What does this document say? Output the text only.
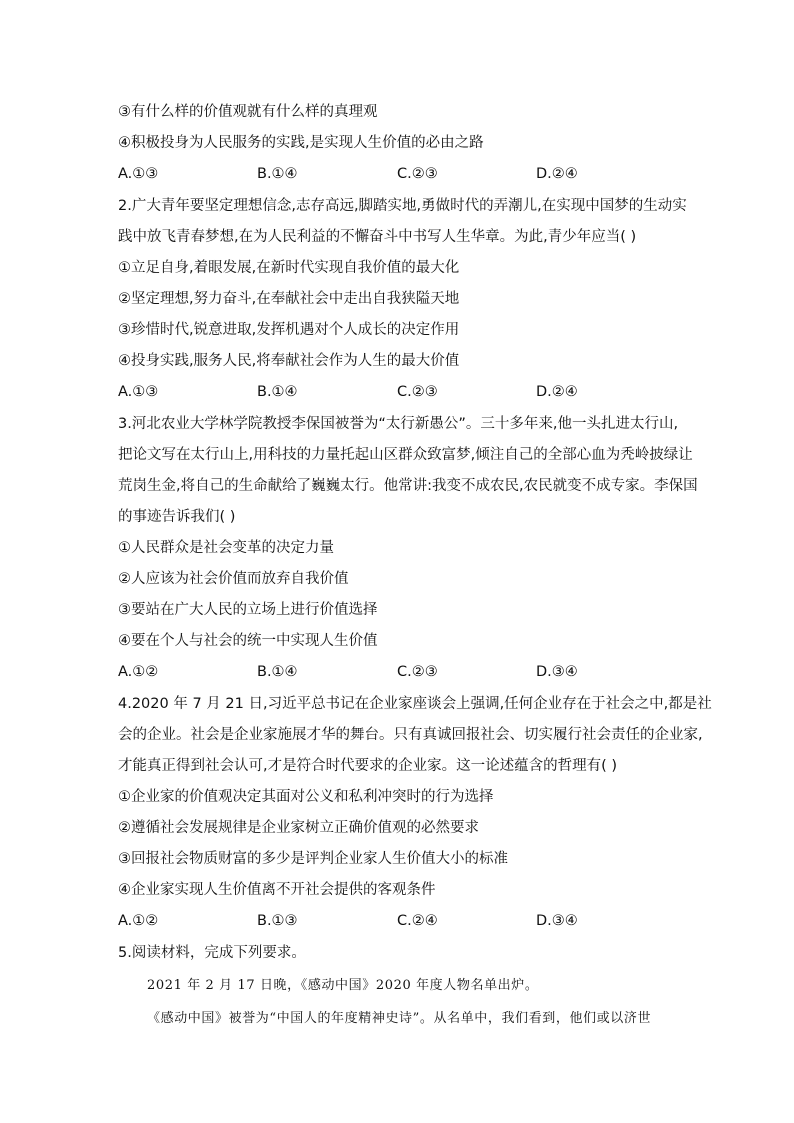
③有什么样的价值观就有什么样的真理观
④积极投身为人民服务的实践,是实现人生价值的必由之路
A.①③	B.①④	C.②③	D.②④
2.广大青年要坚定理想信念,志存高远,脚踏实地,勇做时代的弄潮儿,在实现中国梦的生动实
践中放飞青春梦想,在为人民利益的不懈奋斗中书写人生华章。为此,青少年应当( )
①立足自身,着眼发展,在新时代实现自我价值的最大化
②坚定理想,努力奋斗,在奉献社会中走出自我狭隘天地
③珍惜时代,锐意进取,发挥机遇对个人成长的决定作用
④投身实践,服务人民,将奉献社会作为人生的最大价值
A.①③	B.①④	C.②③	D.②④
3.河北农业大学林学院教授李保国被誉为“太行新愚公”。三十多年来,他一头扎进太行山,
把论文写在太行山上,用科技的力量托起山区群众致富梦,倾注自己的全部心血为秃岭披绿让
荒岗生金,将自己的生命献给了巍巍太行。他常讲:我变不成农民,农民就变不成专家。李保国
的事迹告诉我们( )
①人民群众是社会变革的决定力量
②人应该为社会价值而放弃自我价值
③要站在广大人民的立场上进行价值选择
④要在个人与社会的统一中实现人生价值
A.①②	B.①④	C.②③	D.③④
4.2020 年 7 月 21 日,习近平总书记在企业家座谈会上强调,任何企业存在于社会之中,都是社
会的企业。社会是企业家施展才华的舞台。只有真诚回报社会、切实履行社会责任的企业家,
才能真正得到社会认可,才是符合时代要求的企业家。这一论述蕴含的哲理有( )
①企业家的价值观决定其面对公义和私利冲突时的行为选择
②遵循社会发展规律是企业家树立正确价值观的必然要求
③回报社会物质财富的多少是评判企业家人生价值大小的标准
④企业家实现人生价值离不开社会提供的客观条件
A.①②	B.①③	C.②④	D.③④
5.阅读材料，完成下列要求。
2021 年 2 月 17 日晚，《感动中国》2020 年度人物名单出炉。
《感动中国》被誉为“中国人的年度精神史诗”。从名单中，我们看到，他们或以济世
